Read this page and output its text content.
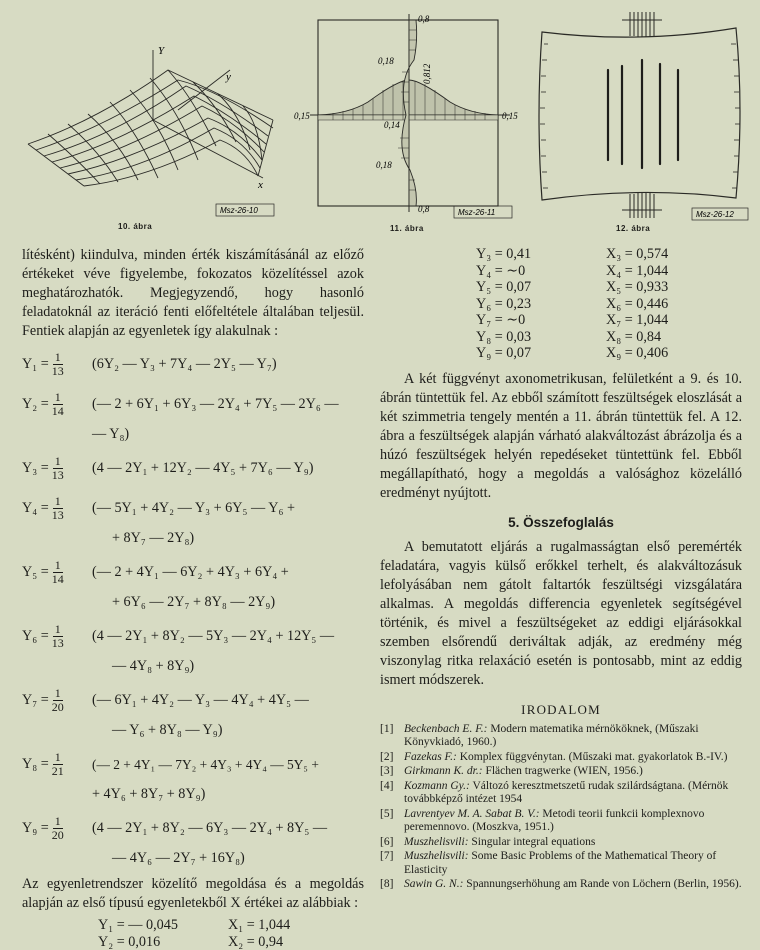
Y
y
x
Msz-26-10
10. ábra
0,8
0,8
0,15	0,15
0,14
0,18
0,812
0,18
Msz-26-11
11. ábra
Msz-26-12
12. ábra

lítésként) kiindulva, minden érték kiszámításánál az előző értékeket véve figyelembe, fokozatos közelítéssel azok meghatározhatók. Megjegyzendő, hogy hasonló feladatoknál az iteráció fenti előfeltétele általában teljesül. Fentiek alapján az egyenletek így alakulnak :

$Y_1 = \frac{1}{13} (6Y_2$ — Y₃ + 7Y₄ — 2Y₅ — Y₇)
$Y_2 = \frac{1}{14}$ (— 2 + 6Y₁ + 6Y₃ — 2Y₄ + 7Y₅ — 2Y₆ —
— Y₈)
$Y_3 = \frac{1}{13} (4$ — 2Y₁ + 12Y₂ — 4Y₅ + 7Y₆ — Y₉)
$Y_4 = \frac{1}{13}$ (— 5Y₁ + 4Y₂ — Y₃ + 6Y₅ — Y₆ +
+ 8Y₇ — 2Y₈)
$Y_5 = \frac{1}{14}$ (— 2 + 4Y₁ — 6Y₂ + 4Y₃ + 6Y₄ +
+ 6Y₆ — 2Y₇ + 8Y₈ — 2Y₉)
$Y_6 = \frac{1}{13} (4$ — 2Y₁ + 8Y₂ — 5Y₃ — 2Y₄ + 12Y₅ —
— 4Y₈ + 8Y₉)
$Y_7 = \frac{1}{20}$ (— 6Y₁ + 4Y₂ — Y₃ — 4Y₄ + 4Y₅ —
— Y₆ + 8Y₈ — Y₉)
$Y_8 = \frac{1}{21}$ (— 2 + 4Y₁ — 7Y₂ + 4Y₃ + 4Y₄ — 5Y₅ +
+ 4Y₆ + 8Y₇ + 8Y₉)
$Y_9 = \frac{1}{20} (4$ — 2Y₁ + 8Y₂ — 6Y₃ — 2Y₄ + 8Y₅ —
— 4Y₆ — 2Y₇ + 16Y₈)

Az egyenletrendszer közelítő megoldása és a megoldás alapján az első típusú egyenletekből X értékei az alábbiak :

Y₁ = — 0,045	X₁ = 1,044
Y₂ = 0,016	X₂ = 0,94
Y₃ = 0,41	X₃ = 0,574
Y₄ = ∼0	X₄ = 1,044
Y₅ = 0,07	X₅ = 0,933
Y₆ = 0,23	X₆ = 0,446
Y₇ = ∼0	X₇ = 1,044
Y₈ = 0,03	X₈ = 0,84
Y₉ = 0,07	X₉ = 0,406

A két függvényt axonometrikusan, felületként a 9. és 10. ábrán tüntettük fel. Az ebből számított feszültségek eloszlását a két szimmetria tengely mentén a 11. ábrán tüntettük fel. A 12. ábra a feszültségek alapján várható alakváltozást ábrázolja és a húzó feszültségek helyén repedéseket tüntettünk fel. Ebből megállapítható, hogy a megoldás a valósághoz közelálló eredményt nyújtott.

5. Összefoglalás

A bemutatott eljárás a rugalmasságtan első peremérték feladatára, vagyis külső erőkkel terhelt, és alakváltozásuk lefolyásában nem gátolt faltartók feszültségi vizsgálatára alkalmas. A megoldás differencia egyenletek segítségével történik, és mivel a feszültségeket az eddigi eljárásokkal szemben elsőrendű deriváltak adják, az eredmény még viszonylag ritka relaxáció esetén is pontosabb, mint az eddig ismert módszerek.

IRODALOM
[1] Beckenbach E. F.: Modern matematika mérnököknek, (Műszaki Könyvkiadó, 1960.)
[2] Fazekas F.: Komplex függvénytan. (Műszaki mat. gyakorlatok B.-IV.)
[3] Girkmann K. dr.: Flächen tragwerke (WIEN, 1956.)
[4] Kozmann Gy.: Változó keresztmetszetű rudak szilárdságtana. (Mérnök továbbképző intézet 1954
[5] Lavrentyev M. A. Sabat B. V.: Metodi teorii funkcii komplexnovo peremennovo. (Moszkva, 1951.)
[6] Muszhelisvili: Singular integral equations
[7] Muszhelisvili: Some Basic Problems of the Mathematical Theory of Elasticity
[8] Sawin G. N.: Spannungserhöhung am Rande von Löchern (Berlin, 1956).
